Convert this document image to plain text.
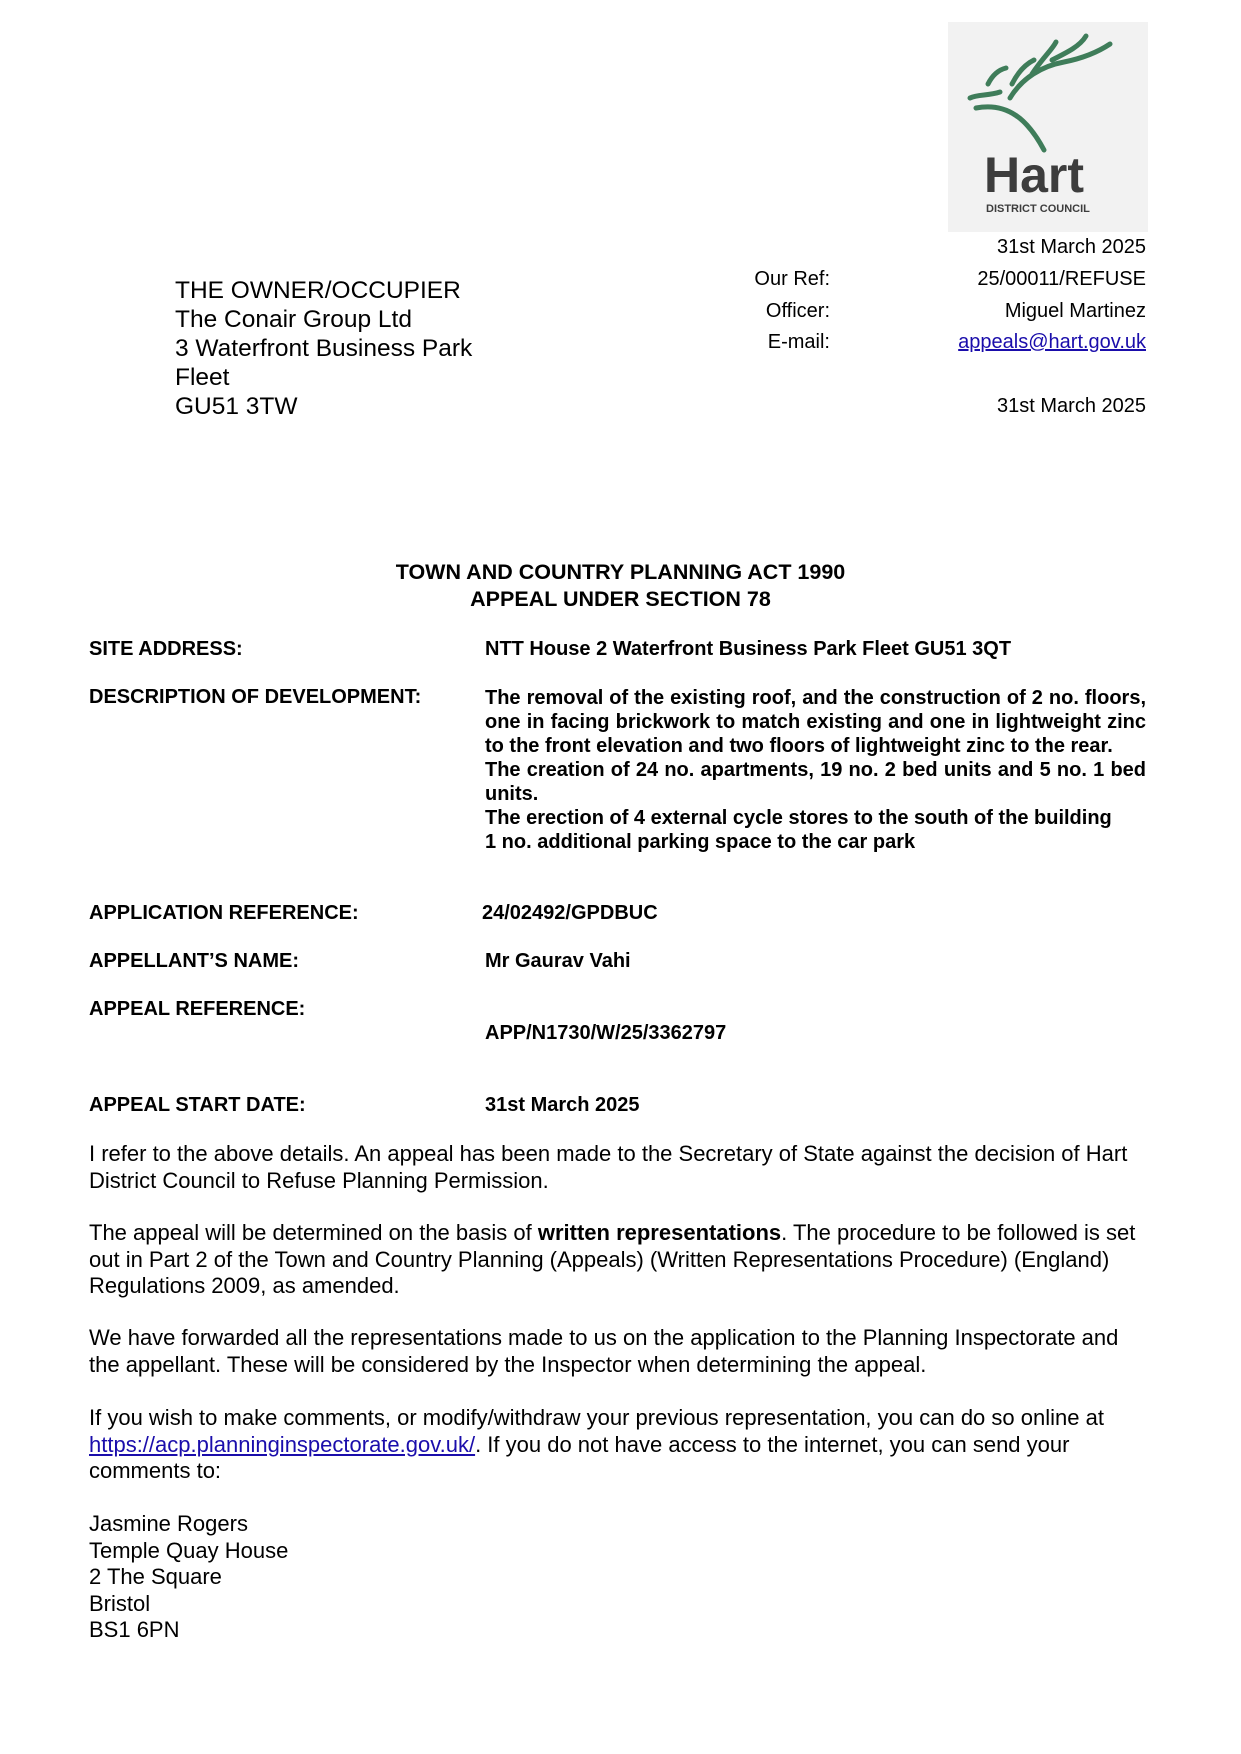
Hart
DISTRICT COUNCIL
31st March 2025
Our Ref:	25/00011/REFUSE
Officer:	Miguel Martinez
E-mail:	appeals@hart.gov.uk
31st March 2025
THE OWNER/OCCUPIER
The Conair Group Ltd
3 Waterfront Business Park
Fleet
GU51 3TW
TOWN AND COUNTRY PLANNING ACT 1990
APPEAL UNDER SECTION 78
SITE ADDRESS:	NTT House 2 Waterfront Business Park Fleet GU51 3QT
DESCRIPTION OF DEVELOPMENT:	The removal of the existing roof, and the construction of 2 no. floors, one in facing brickwork to match existing and one in lightweight zinc to the front elevation and two floors of lightweight zinc to the rear.

The creation of 24 no. apartments, 19 no. 2 bed units and 5 no. 1 bed units.

The erection of 4 external cycle stores to the south of the building

1 no. additional parking space to the car park

APPLICATION REFERENCE:	24/02492/GPDBUC
APPELLANT’S NAME:	Mr Gaurav Vahi
APPEAL REFERENCE:
APP/N1730/W/25/3362797
APPEAL START DATE:	31st March 2025

I refer to the above details. An appeal has been made to the Secretary of State against the decision of Hart District Council to Refuse Planning Permission.

The appeal will be determined on the basis of written representations. The procedure to be followed is set out in Part 2 of the Town and Country Planning (Appeals) (Written Representations Procedure) (England) Regulations 2009, as amended.

We have forwarded all the representations made to us on the application to the Planning Inspectorate and the appellant. These will be considered by the Inspector when determining the appeal.

If you wish to make comments, or modify/withdraw your previous representation, you can do so online at https://acp.planninginspectorate.gov.uk/. If you do not have access to the internet, you can send your comments to:

Jasmine Rogers
Temple Quay House
2 The Square
Bristol
BS1 6PN
